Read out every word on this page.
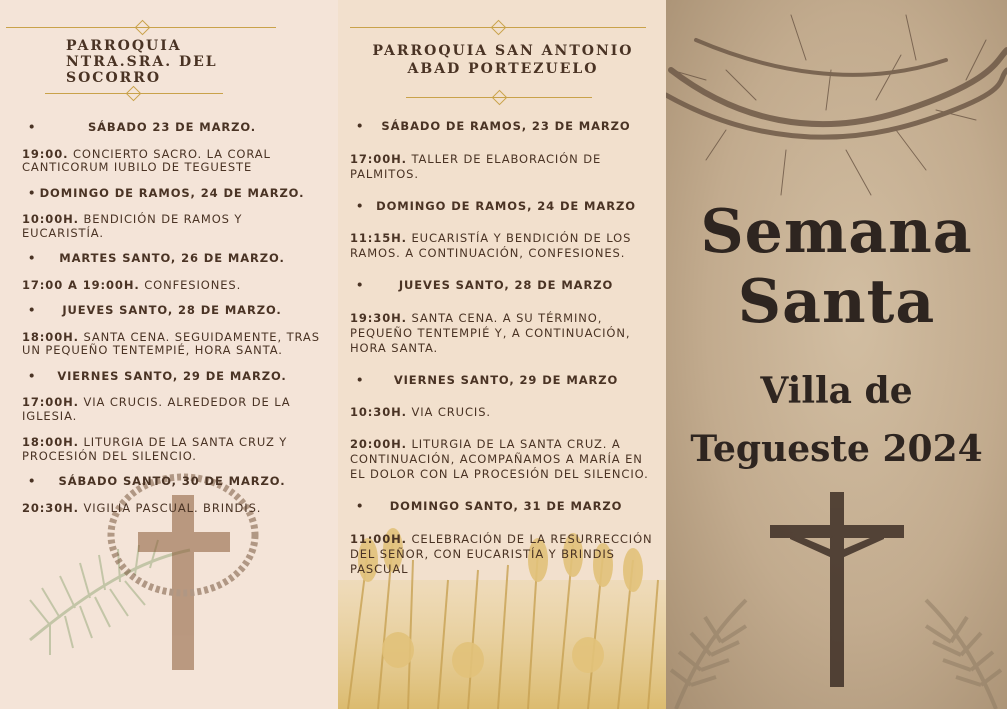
PARROQUIA NTRA.SRA. DEL SOCORRO

•	SÁBADO 23 DE MARZO.

19:00. CONCIERTO SACRO. LA CORAL CANTICORUM IUBILO DE TEGUESTE

• DOMINGO DE RAMOS, 24 DE MARZO.

10:00H. BENDICIÓN DE RAMOS Y EUCARISTÍA.

• MARTES SANTO, 26 DE MARZO.

17:00 A 19:00H. CONFESIONES.

• JUEVES SANTO, 28 DE MARZO.

18:00H. SANTA CENA. SEGUIDAMENTE, TRAS UN PEQUEÑO TENTEMPIÉ, HORA SANTA.

• VIERNES SANTO, 29 DE MARZO.

17:00H. VIA CRUCIS. ALREDEDOR DE LA IGLESIA.

18:00H. LITURGIA DE LA SANTA CRUZ Y PROCESIÓN DEL SILENCIO.

• SÁBADO SANTO, 30 DE MARZO.

20:30H. VIGILIA PASCUAL. BRINDIS.

PARROQUIA SAN ANTONIO ABAD PORTEZUELO

• SÁBADO DE RAMOS, 23 DE MARZO

17:00H. TALLER DE ELABORACIÓN DE PALMITOS.

• DOMINGO DE RAMOS, 24 DE MARZO

11:15H. EUCARISTÍA Y BENDICIÓN DE LOS RAMOS. A CONTINUACIÓN, CONFESIONES.

•	JUEVES SANTO, 28 DE MARZO

19:30H. SANTA CENA. A SU TÉRMINO, PEQUEÑO TENTEMPIÉ Y, A CONTINUACIÓN, HORA SANTA.

•	VIERNES SANTO, 29 DE MARZO

10:30H. VIA CRUCIS.

20:00H. LITURGIA DE LA SANTA CRUZ. A CONTINUACIÓN, ACOMPAÑAMOS A MARÍA EN EL DOLOR CON LA PROCESIÓN DEL SILENCIO.

• DOMINGO SANTO, 31 DE MARZO

11:00H. CELEBRACIÓN DE LA RESURRECCIÓN DEL SEÑOR, CON EUCARISTÍA Y BRINDIS PASCUAL

Semana
Santa
Villa de
Tegueste 2024
